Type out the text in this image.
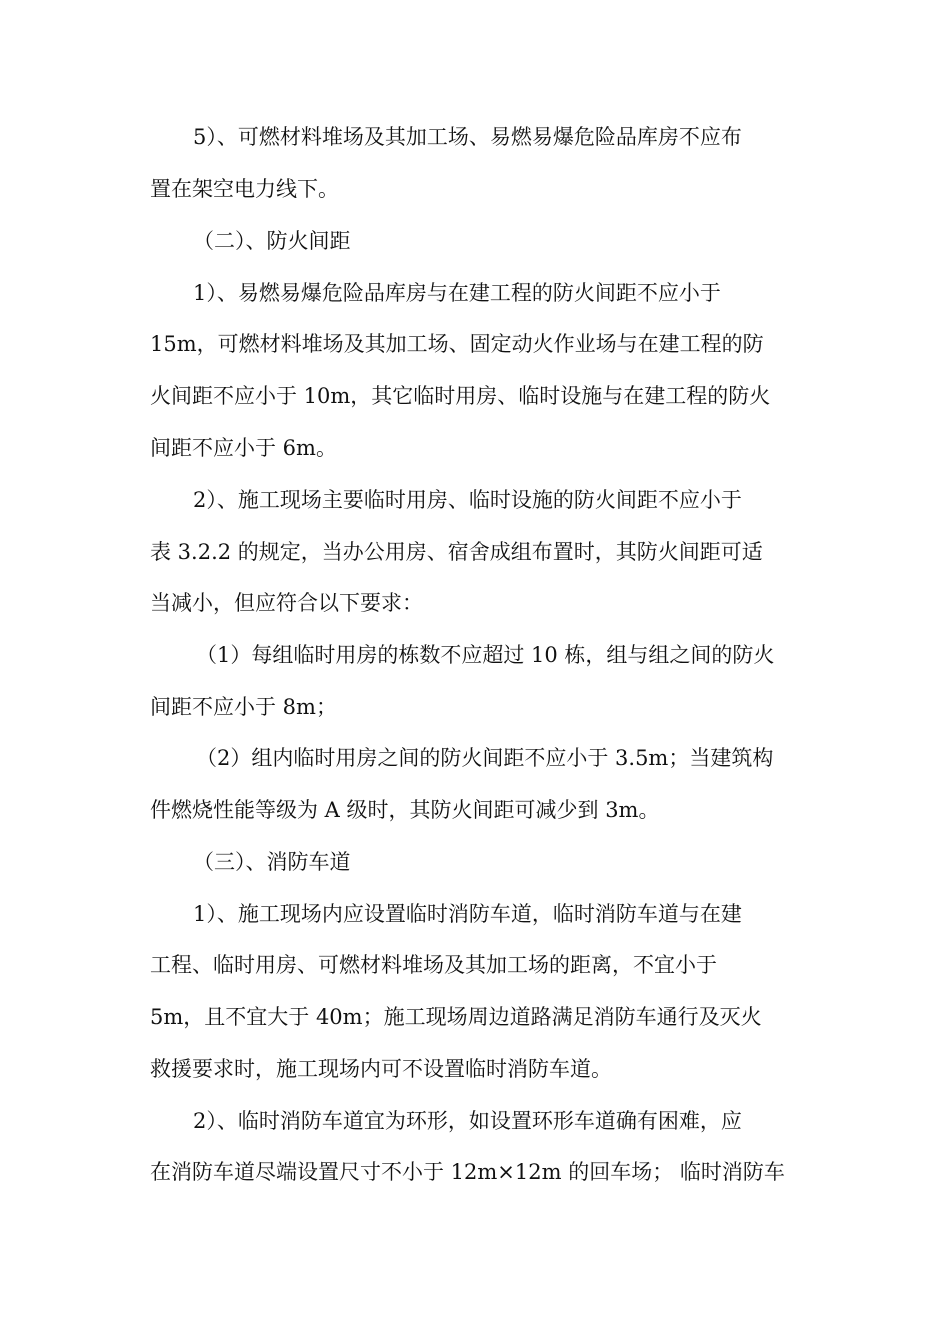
5）、可燃材料堆场及其加工场、易燃易爆危险品库房不应布
置在架空电力线下。
（二）、防火间距
1）、易燃易爆危险品库房与在建工程的防火间距不应小于
15m，可燃材料堆场及其加工场、固定动火作业场与在建工程的防
火间距不应小于 10m，其它临时用房、临时设施与在建工程的防火
间距不应小于 6m。
2）、施工现场主要临时用房、临时设施的防火间距不应小于
表 3.2.2 的规定，当办公用房、宿舍成组布置时，其防火间距可适
当减小，但应符合以下要求：
（1）每组临时用房的栋数不应超过 10 栋，组与组之间的防火
间距不应小于 8m；
（2）组内临时用房之间的防火间距不应小于 3.5m；当建筑构
件燃烧性能等级为 A 级时，其防火间距可减少到 3m。
（三）、消防车道
1）、施工现场内应设置临时消防车道，临时消防车道与在建
工程、临时用房、可燃材料堆场及其加工场的距离，不宜小于
5m，且不宜大于 40m；施工现场周边道路满足消防车通行及灭火
救援要求时，施工现场内可不设置临时消防车道。
2）、临时消防车道宜为环形，如设置环形车道确有困难，应
在消防车道尽端设置尺寸不小于 12m×12m 的回车场； 临时消防车
